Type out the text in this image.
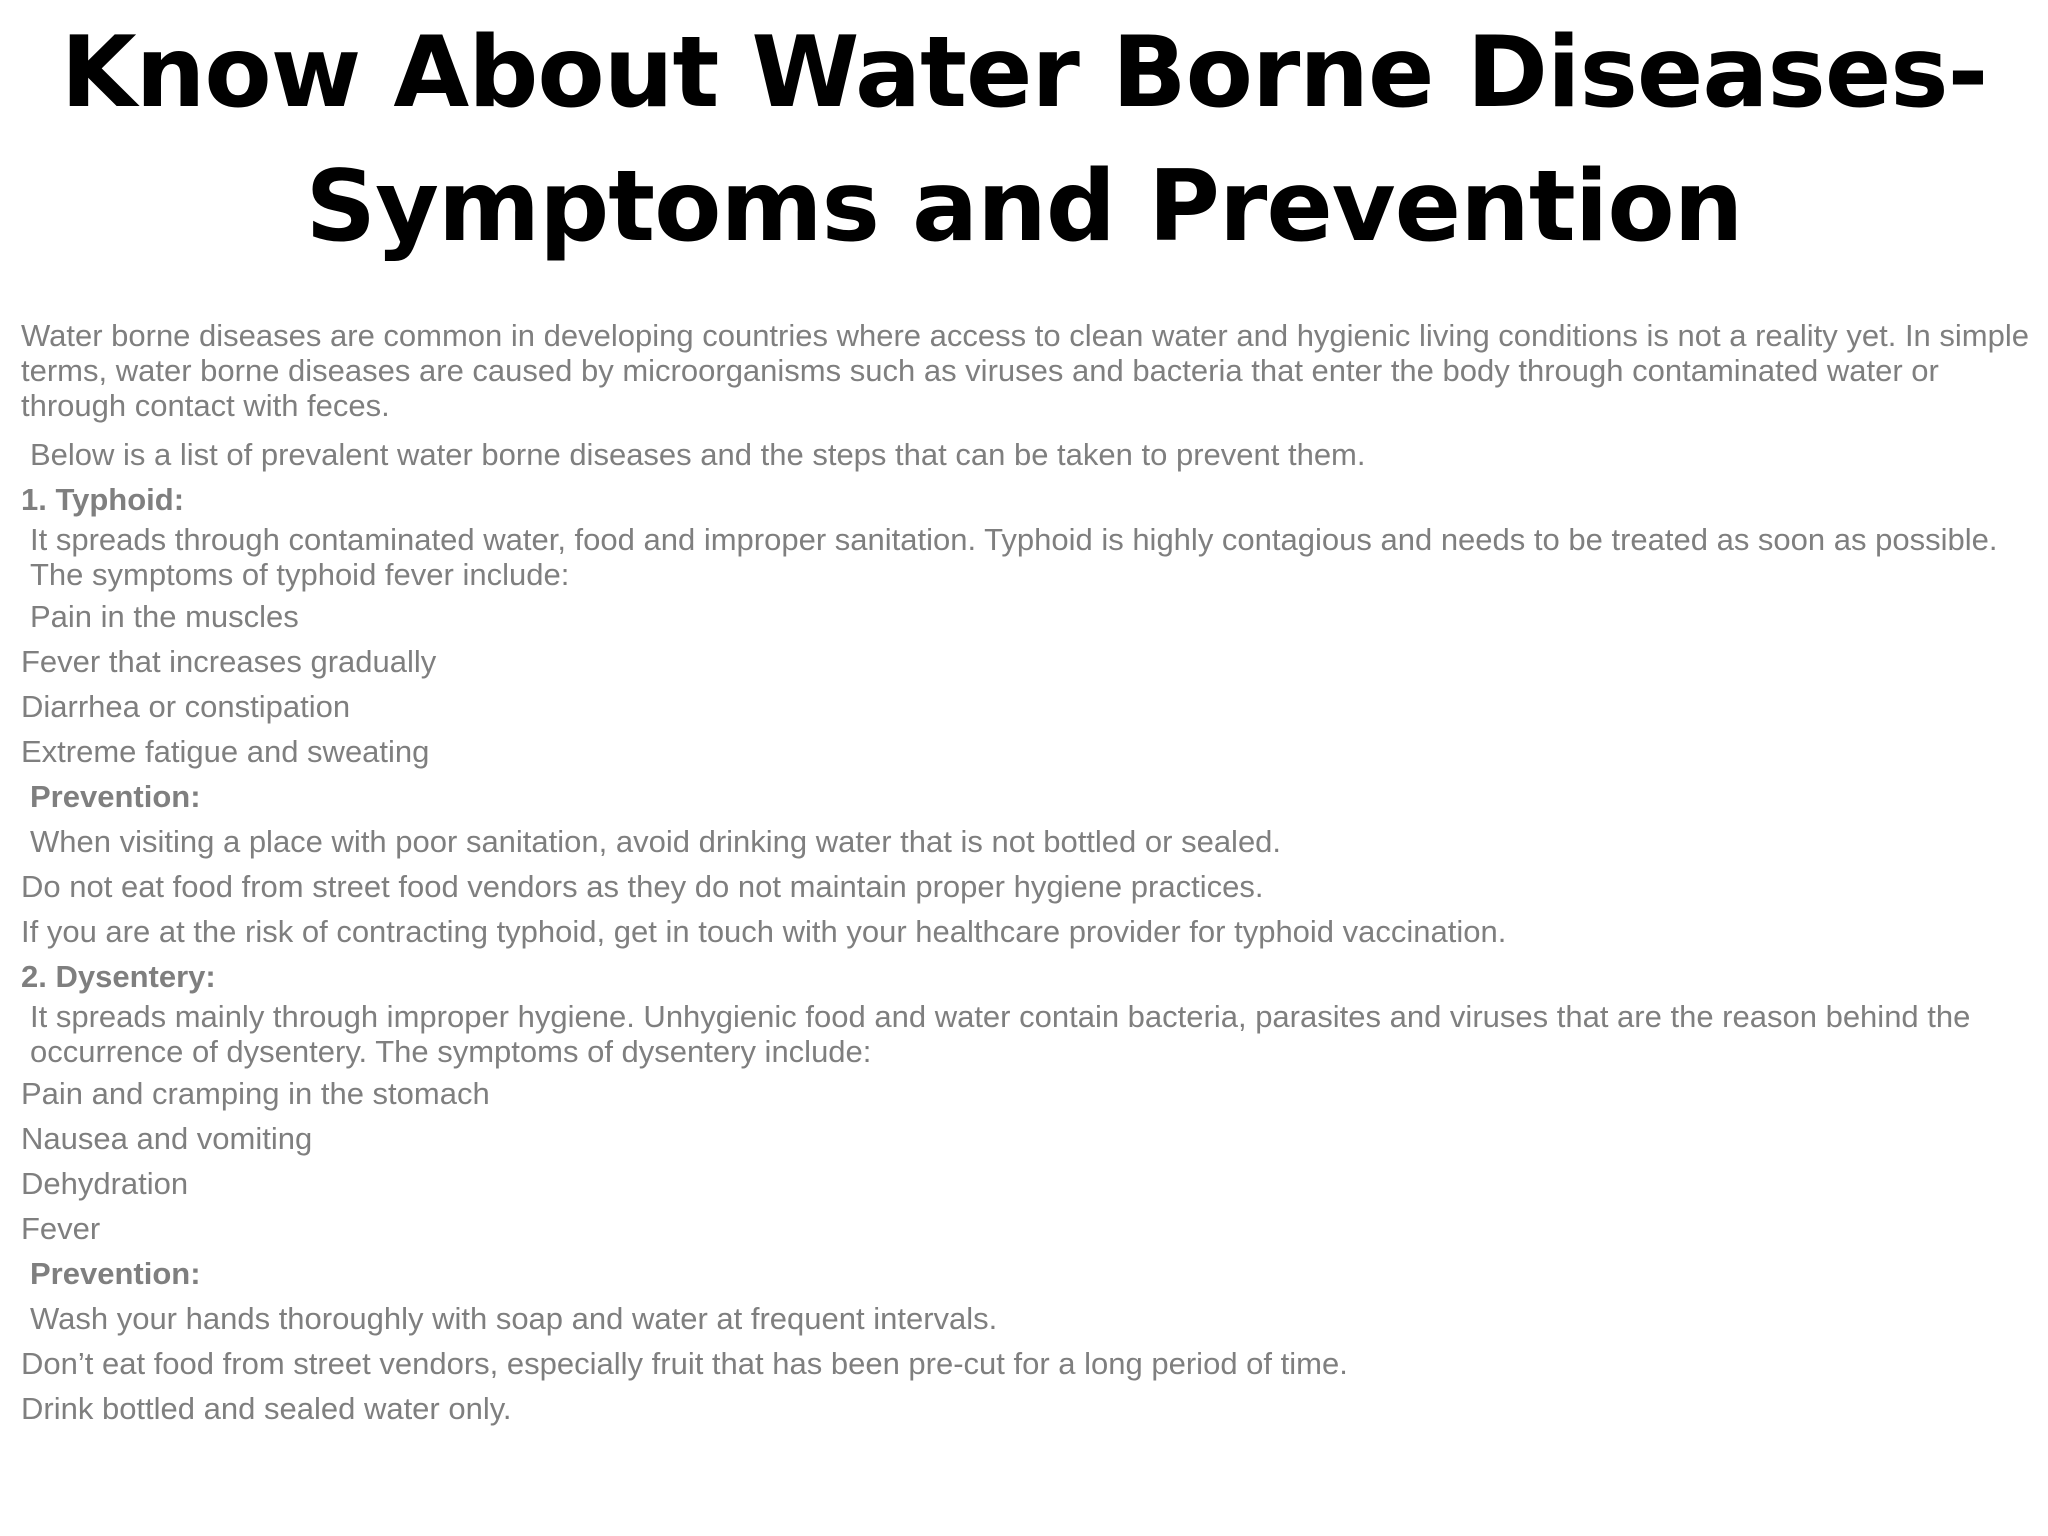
Know About Water Borne Diseases-
Symptoms and Prevention

Water borne diseases are common in developing countries where access to clean water and hygienic living conditions is not a reality yet. In simple terms, water borne diseases are caused by microorganisms such as viruses and bacteria that enter the body through contaminated water or through contact with feces.

Below is a list of prevalent water borne diseases and the steps that can be taken to prevent them.
1. Typhoid:

It spreads through contaminated water, food and improper sanitation. Typhoid is highly contagious and needs to be treated as soon as possible. The symptoms of typhoid fever include:

Pain in the muscles
Fever that increases gradually
Diarrhea or constipation
Extreme fatigue and sweating
Prevention:
When visiting a place with poor sanitation, avoid drinking water that is not bottled or sealed.
Do not eat food from street food vendors as they do not maintain proper hygiene practices.
If you are at the risk of contracting typhoid, get in touch with your healthcare provider for typhoid vaccination.
2. Dysentery:

It spreads mainly through improper hygiene. Unhygienic food and water contain bacteria, parasites and viruses that are the reason behind the occurrence of dysentery. The symptoms of dysentery include:

Pain and cramping in the stomach
Nausea and vomiting
Dehydration
Fever
Prevention:
Wash your hands thoroughly with soap and water at frequent intervals.
Don’t eat food from street vendors, especially fruit that has been pre-cut for a long period of time.
Drink bottled and sealed water only.
